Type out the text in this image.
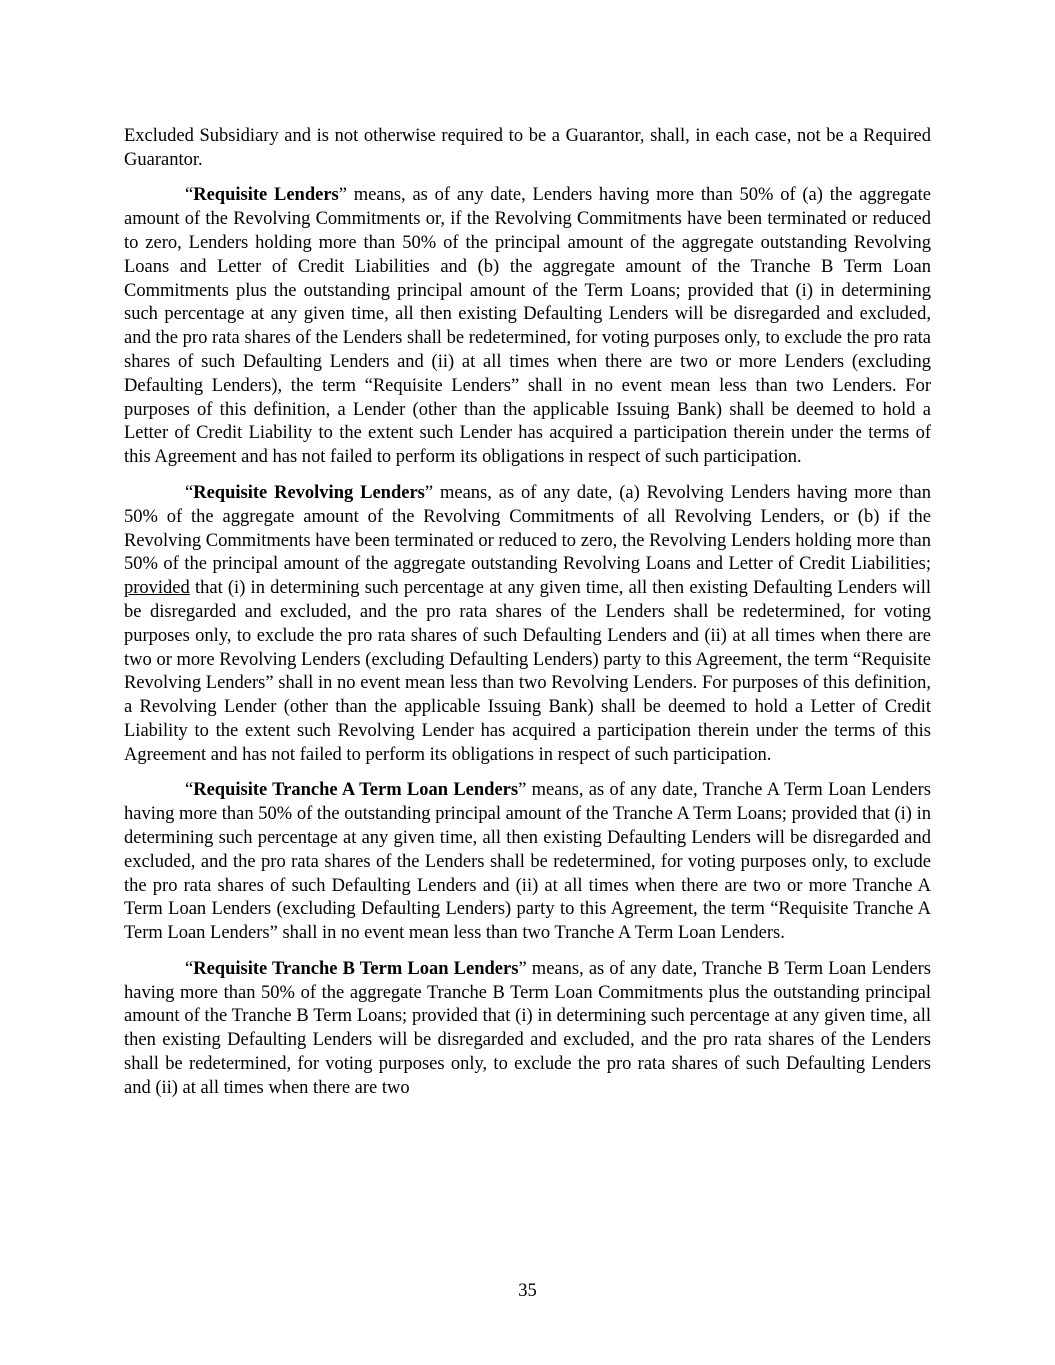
Excluded Subsidiary and is not otherwise required to be a Guarantor, shall, in each case, not be a Required Guarantor.

“Requisite Lenders” means, as of any date, Lenders having more than 50% of (a) the aggregate amount of the Revolving Commitments or, if the Revolving Commitments have been terminated or reduced to zero, Lenders holding more than 50% of the principal amount of the aggregate outstanding Revolving Loans and Letter of Credit Liabilities and (b) the aggregate amount of the Tranche B Term Loan Commitments plus the outstanding principal amount of the Term Loans; provided that (i) in determining such percentage at any given time, all then existing Defaulting Lenders will be disregarded and excluded, and the pro rata shares of the Lenders shall be redetermined, for voting purposes only, to exclude the pro rata shares of such Defaulting Lenders and (ii) at all times when there are two or more Lenders (excluding Defaulting Lenders), the term “Requisite Lenders” shall in no event mean less than two Lenders. For purposes of this definition, a Lender (other than the applicable Issuing Bank) shall be deemed to hold a Letter of Credit Liability to the extent such Lender has acquired a participation therein under the terms of this Agreement and has not failed to perform its obligations in respect of such participation.

“Requisite Revolving Lenders” means, as of any date, (a) Revolving Lenders having more than 50% of the aggregate amount of the Revolving Commitments of all Revolving Lenders, or (b) if the Revolving Commitments have been terminated or reduced to zero, the Revolving Lenders holding more than 50% of the principal amount of the aggregate outstanding Revolving Loans and Letter of Credit Liabilities; provided that (i) in determining such percentage at any given time, all then existing Defaulting Lenders will be disregarded and excluded, and the pro rata shares of the Lenders shall be redetermined, for voting purposes only, to exclude the pro rata shares of such Defaulting Lenders and (ii) at all times when there are two or more Revolving Lenders (excluding Defaulting Lenders) party to this Agreement, the term “Requisite Revolving Lenders” shall in no event mean less than two Revolving Lenders. For purposes of this definition, a Revolving Lender (other than the applicable Issuing Bank) shall be deemed to hold a Letter of Credit Liability to the extent such Revolving Lender has acquired a participation therein under the terms of this Agreement and has not failed to perform its obligations in respect of such participation.

“Requisite Tranche A Term Loan Lenders” means, as of any date, Tranche A Term Loan Lenders having more than 50% of the outstanding principal amount of the Tranche A Term Loans; provided that (i) in determining such percentage at any given time, all then existing Defaulting Lenders will be disregarded and excluded, and the pro rata shares of the Lenders shall be redetermined, for voting purposes only, to exclude the pro rata shares of such Defaulting Lenders and (ii) at all times when there are two or more Tranche A Term Loan Lenders (excluding Defaulting Lenders) party to this Agreement, the term “Requisite Tranche A Term Loan Lenders” shall in no event mean less than two Tranche A Term Loan Lenders.

“Requisite Tranche B Term Loan Lenders” means, as of any date, Tranche B Term Loan Lenders having more than 50% of the aggregate Tranche B Term Loan Commitments plus the outstanding principal amount of the Tranche B Term Loans; provided that (i) in determining such percentage at any given time, all then existing Defaulting Lenders will be disregarded and excluded, and the pro rata shares of the Lenders shall be redetermined, for voting purposes only, to exclude the pro rata shares of such Defaulting Lenders and (ii) at all times when there are two

35
